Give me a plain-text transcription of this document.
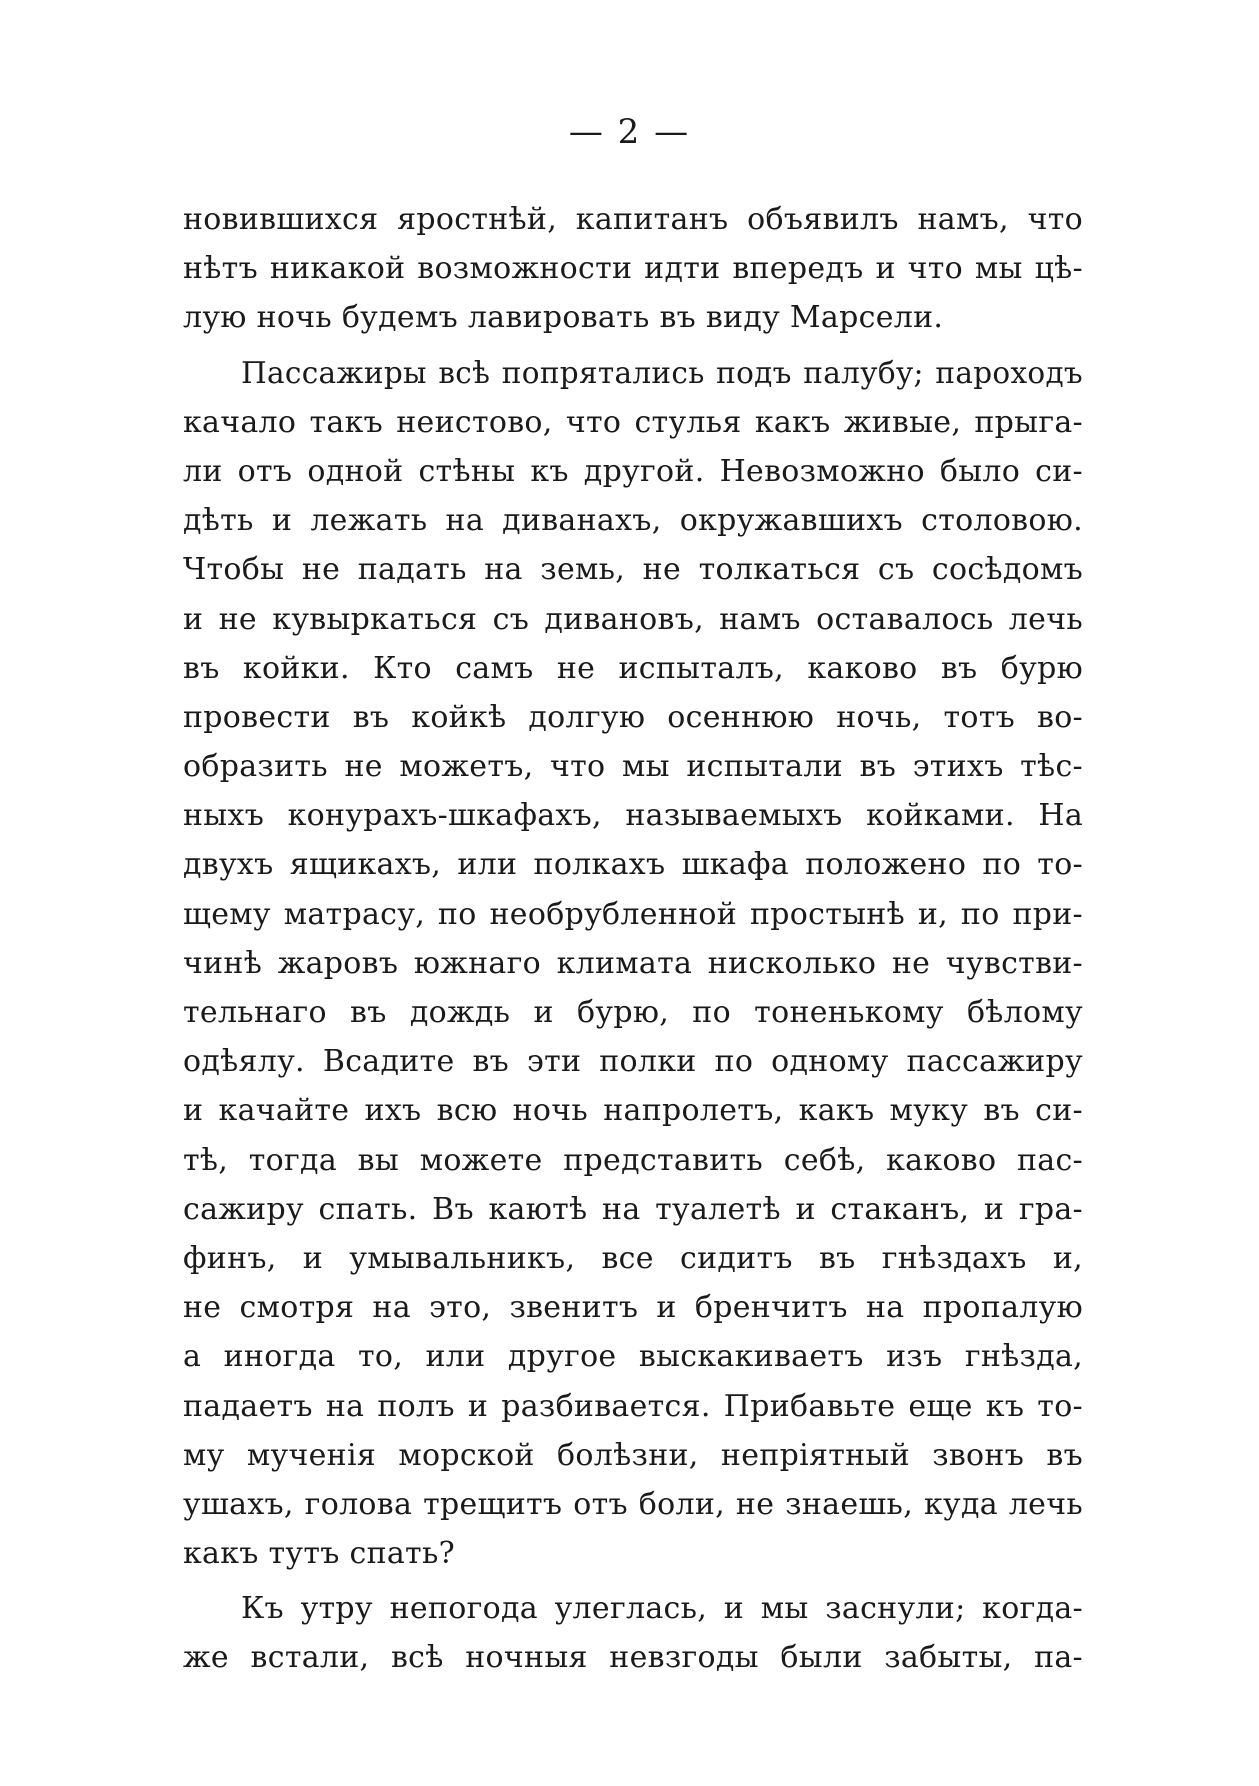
— 2 —
новившихся яростнѣй, капитанъ объявилъ намъ, что
нѣтъ никакой возможности идти впередъ и что мы цѣ-
лую ночь будемъ лавировать въ виду Марсели.
Пассажиры всѣ попрятались подъ палубу; пароходъ
качало такъ неистово, что стулья какъ живые, прыга-
ли отъ одной стѣны къ другой. Невозможно было си-
дѣть и лежать на диванахъ, окружавшихъ столовою.
Чтобы не падать на земь, не толкаться съ сосѣдомъ
и не кувыркаться съ дивановъ, намъ оставалось лечь
въ койки. Кто самъ не испыталъ, каково въ бурю
провести въ койкѣ долгую осеннюю ночь, тотъ во-
образить не можетъ, что мы испытали въ этихъ тѣс-
ныхъ конурахъ-шкафахъ, называемыхъ койками. На
двухъ ящикахъ, или полкахъ шкафа положено по то-
щему матрасу, по необрубленной простынѣ и, по при-
чинѣ жаровъ южнаго климата нисколько не чувстви-
тельнаго въ дождь и бурю, по тоненькому бѣлому
одѣялу. Всадите въ эти полки по одному пассажиру
и качайте ихъ всю ночь напролетъ, какъ муку въ си-
тѣ, тогда вы можете представить себѣ, каково пас-
сажиру спать. Въ каютѣ на туалетѣ и стаканъ, и гра-
финъ, и умывальникъ, все сидитъ въ гнѣздахъ и,
не смотря на это, звенитъ и бренчитъ на пропалую
а иногда то, или другое выскакиваетъ изъ гнѣзда,
падаетъ на полъ и разбивается. Прибавьте еще къ то-
му мученія морской болѣзни, непріятный звонъ въ
ушахъ, голова трещитъ отъ боли, не знаешь, куда лечь
какъ тутъ спать?
Къ утру непогода улеглась, и мы заснули; когда-
же встали, всѣ ночныя невзгоды были забыты, па-
